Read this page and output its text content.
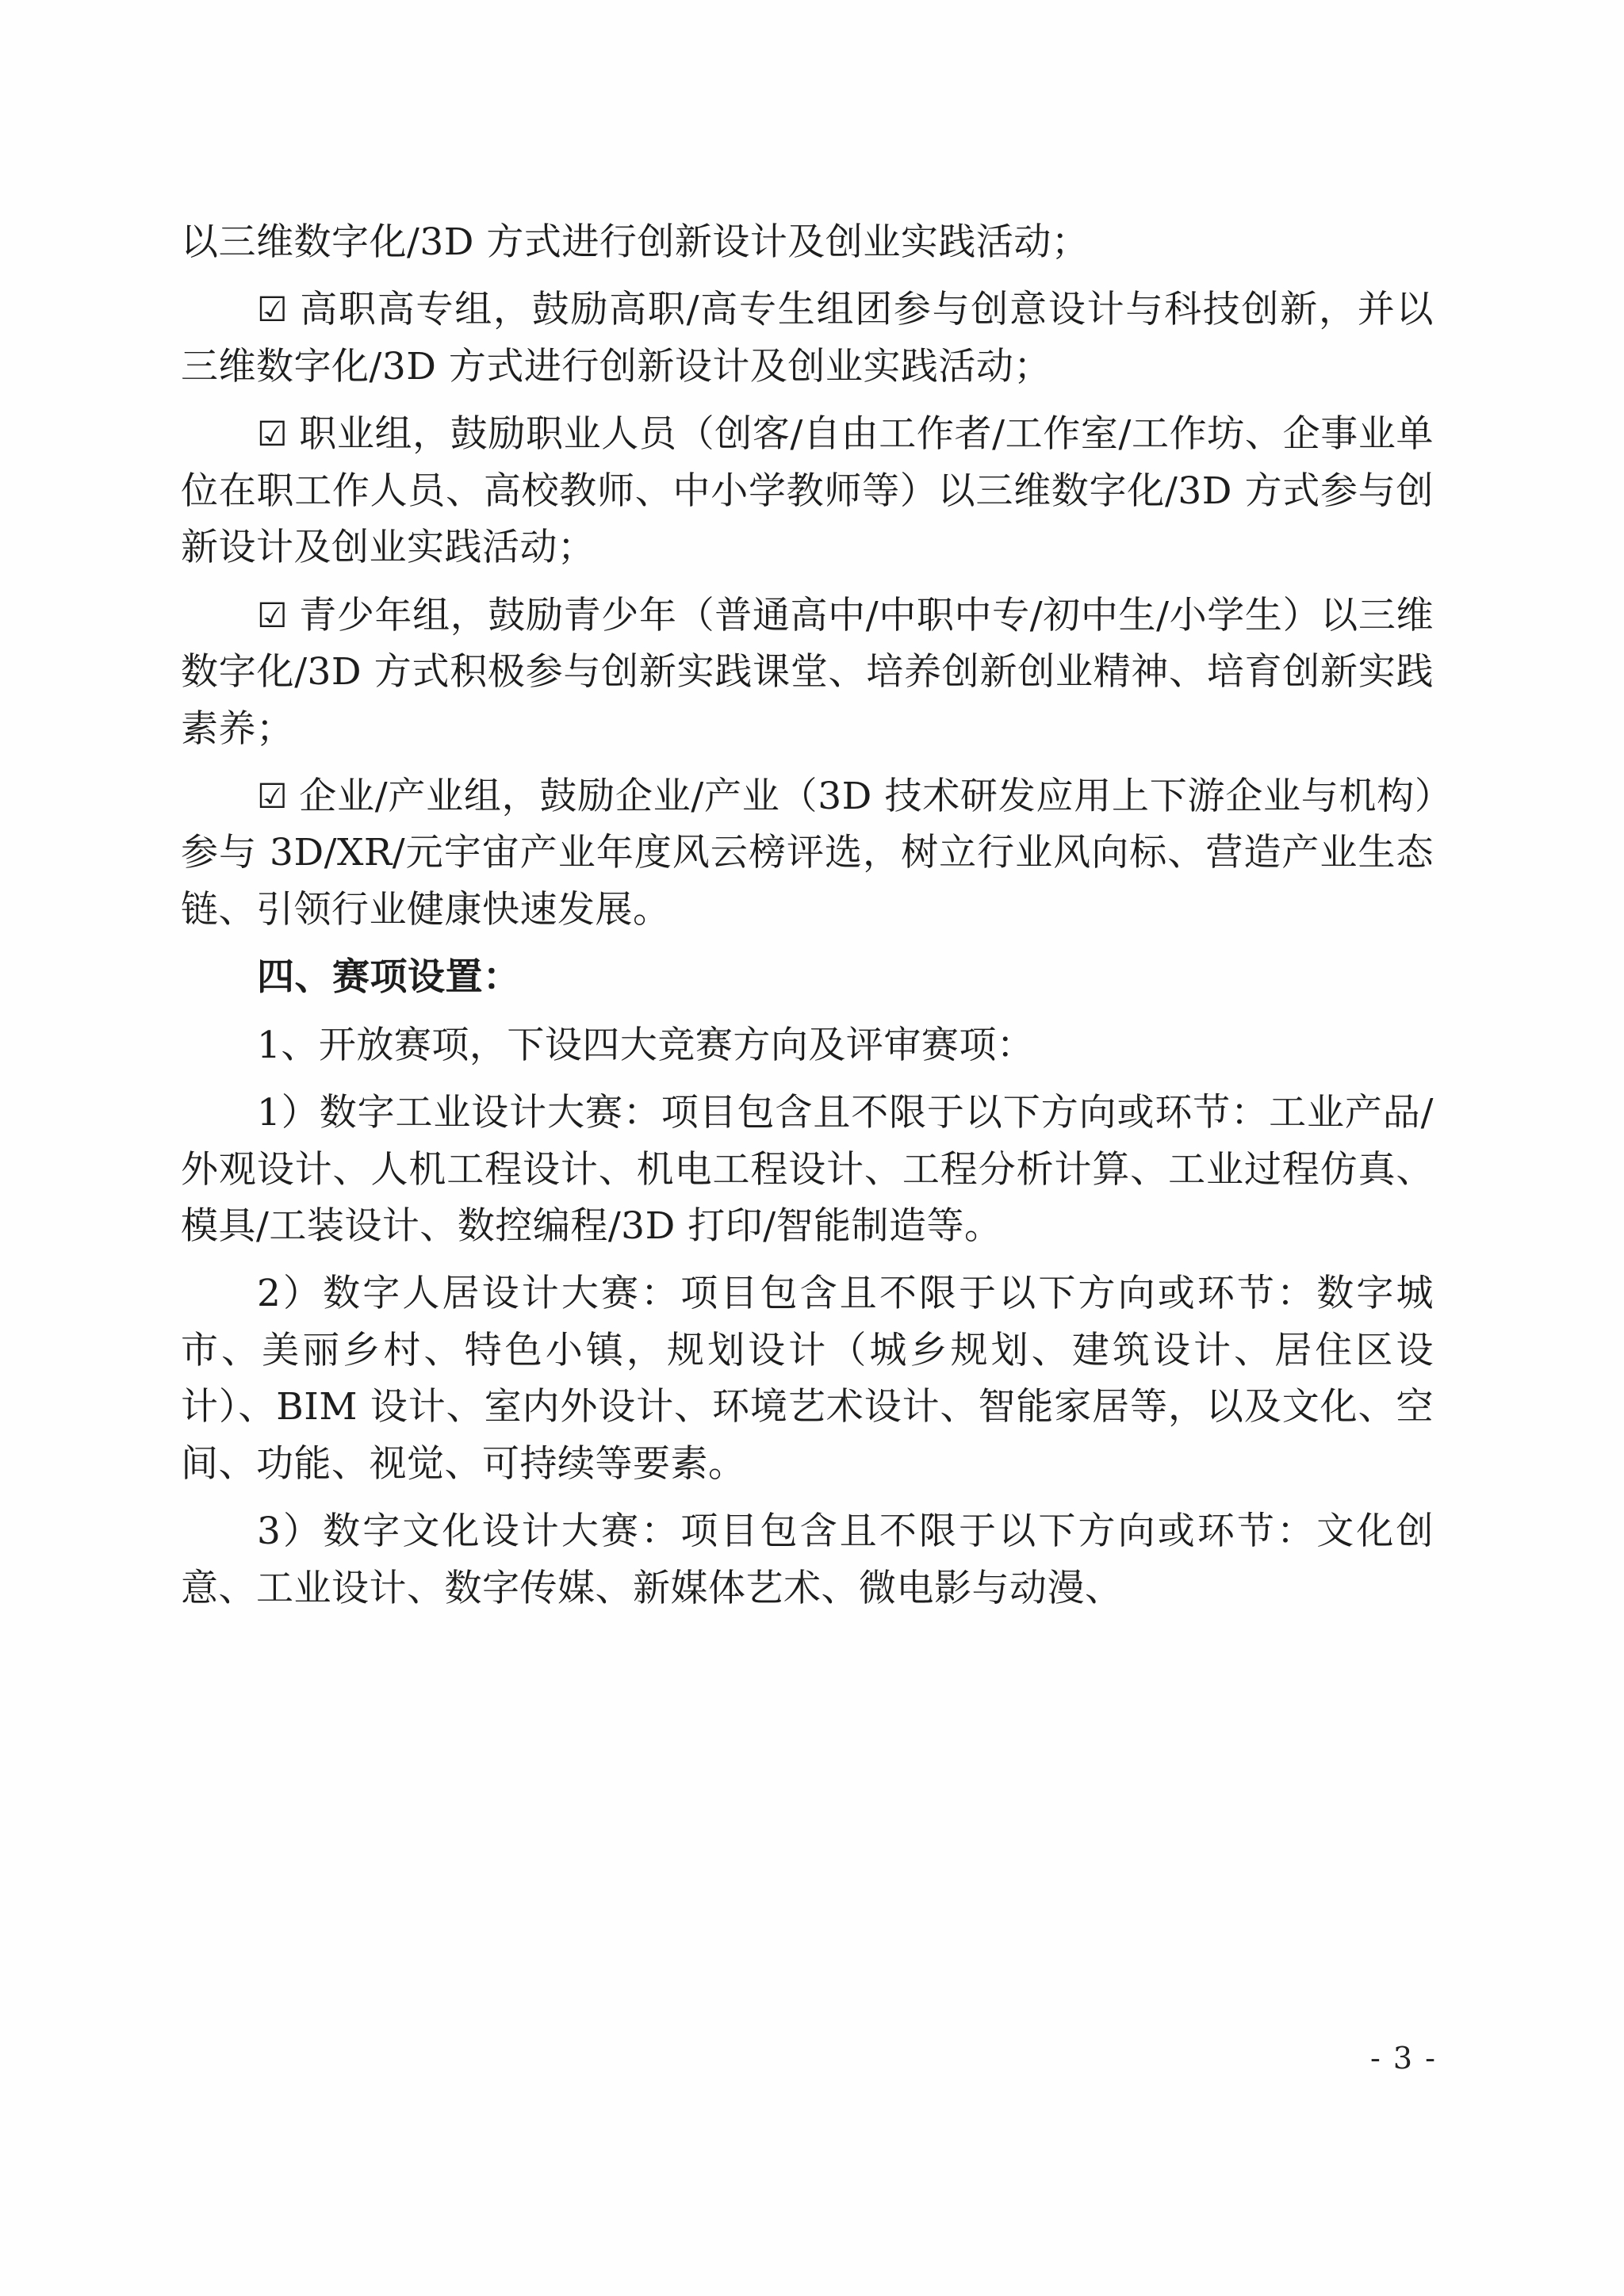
以三维数字化/3D 方式进行创新设计及创业实践活动；

☑ 高职高专组，鼓励高职/高专生组团参与创意设计与科技创新，并以三维数字化/3D 方式进行创新设计及创业实践活动；

☑ 职业组，鼓励职业人员（创客/自由工作者/工作室/工作坊、企事业单位在职工作人员、高校教师、中小学教师等）以三维数字化/3D 方式参与创新设计及创业实践活动；

☑ 青少年组，鼓励青少年（普通高中/中职中专/初中生/小学生）以三维数字化/3D 方式积极参与创新实践课堂、培养创新创业精神、培育创新实践素养；

☑ 企业/产业组，鼓励企业/产业（3D 技术研发应用上下游企业与机构）参与 3D/XR/元宇宙产业年度风云榜评选，树立行业风向标、营造产业生态链、引领行业健康快速发展。

四、赛项设置：

1、开放赛项，下设四大竞赛方向及评审赛项：

1）数字工业设计大赛：项目包含且不限于以下方向或环节：工业产品/外观设计、人机工程设计、机电工程设计、工程分析计算、工业过程仿真、模具/工装设计、数控编程/3D 打印/智能制造等。

2）数字人居设计大赛：项目包含且不限于以下方向或环节：数字城市、美丽乡村、特色小镇，规划设计（城乡规划、建筑设计、居住区设计）、BIM 设计、室内外设计、环境艺术设计、智能家居等，以及文化、空间、功能、视觉、可持续等要素。

3）数字文化设计大赛：项目包含且不限于以下方向或环节：文化创意、工业设计、数字传媒、新媒体艺术、微电影与动漫、

- 3 -
